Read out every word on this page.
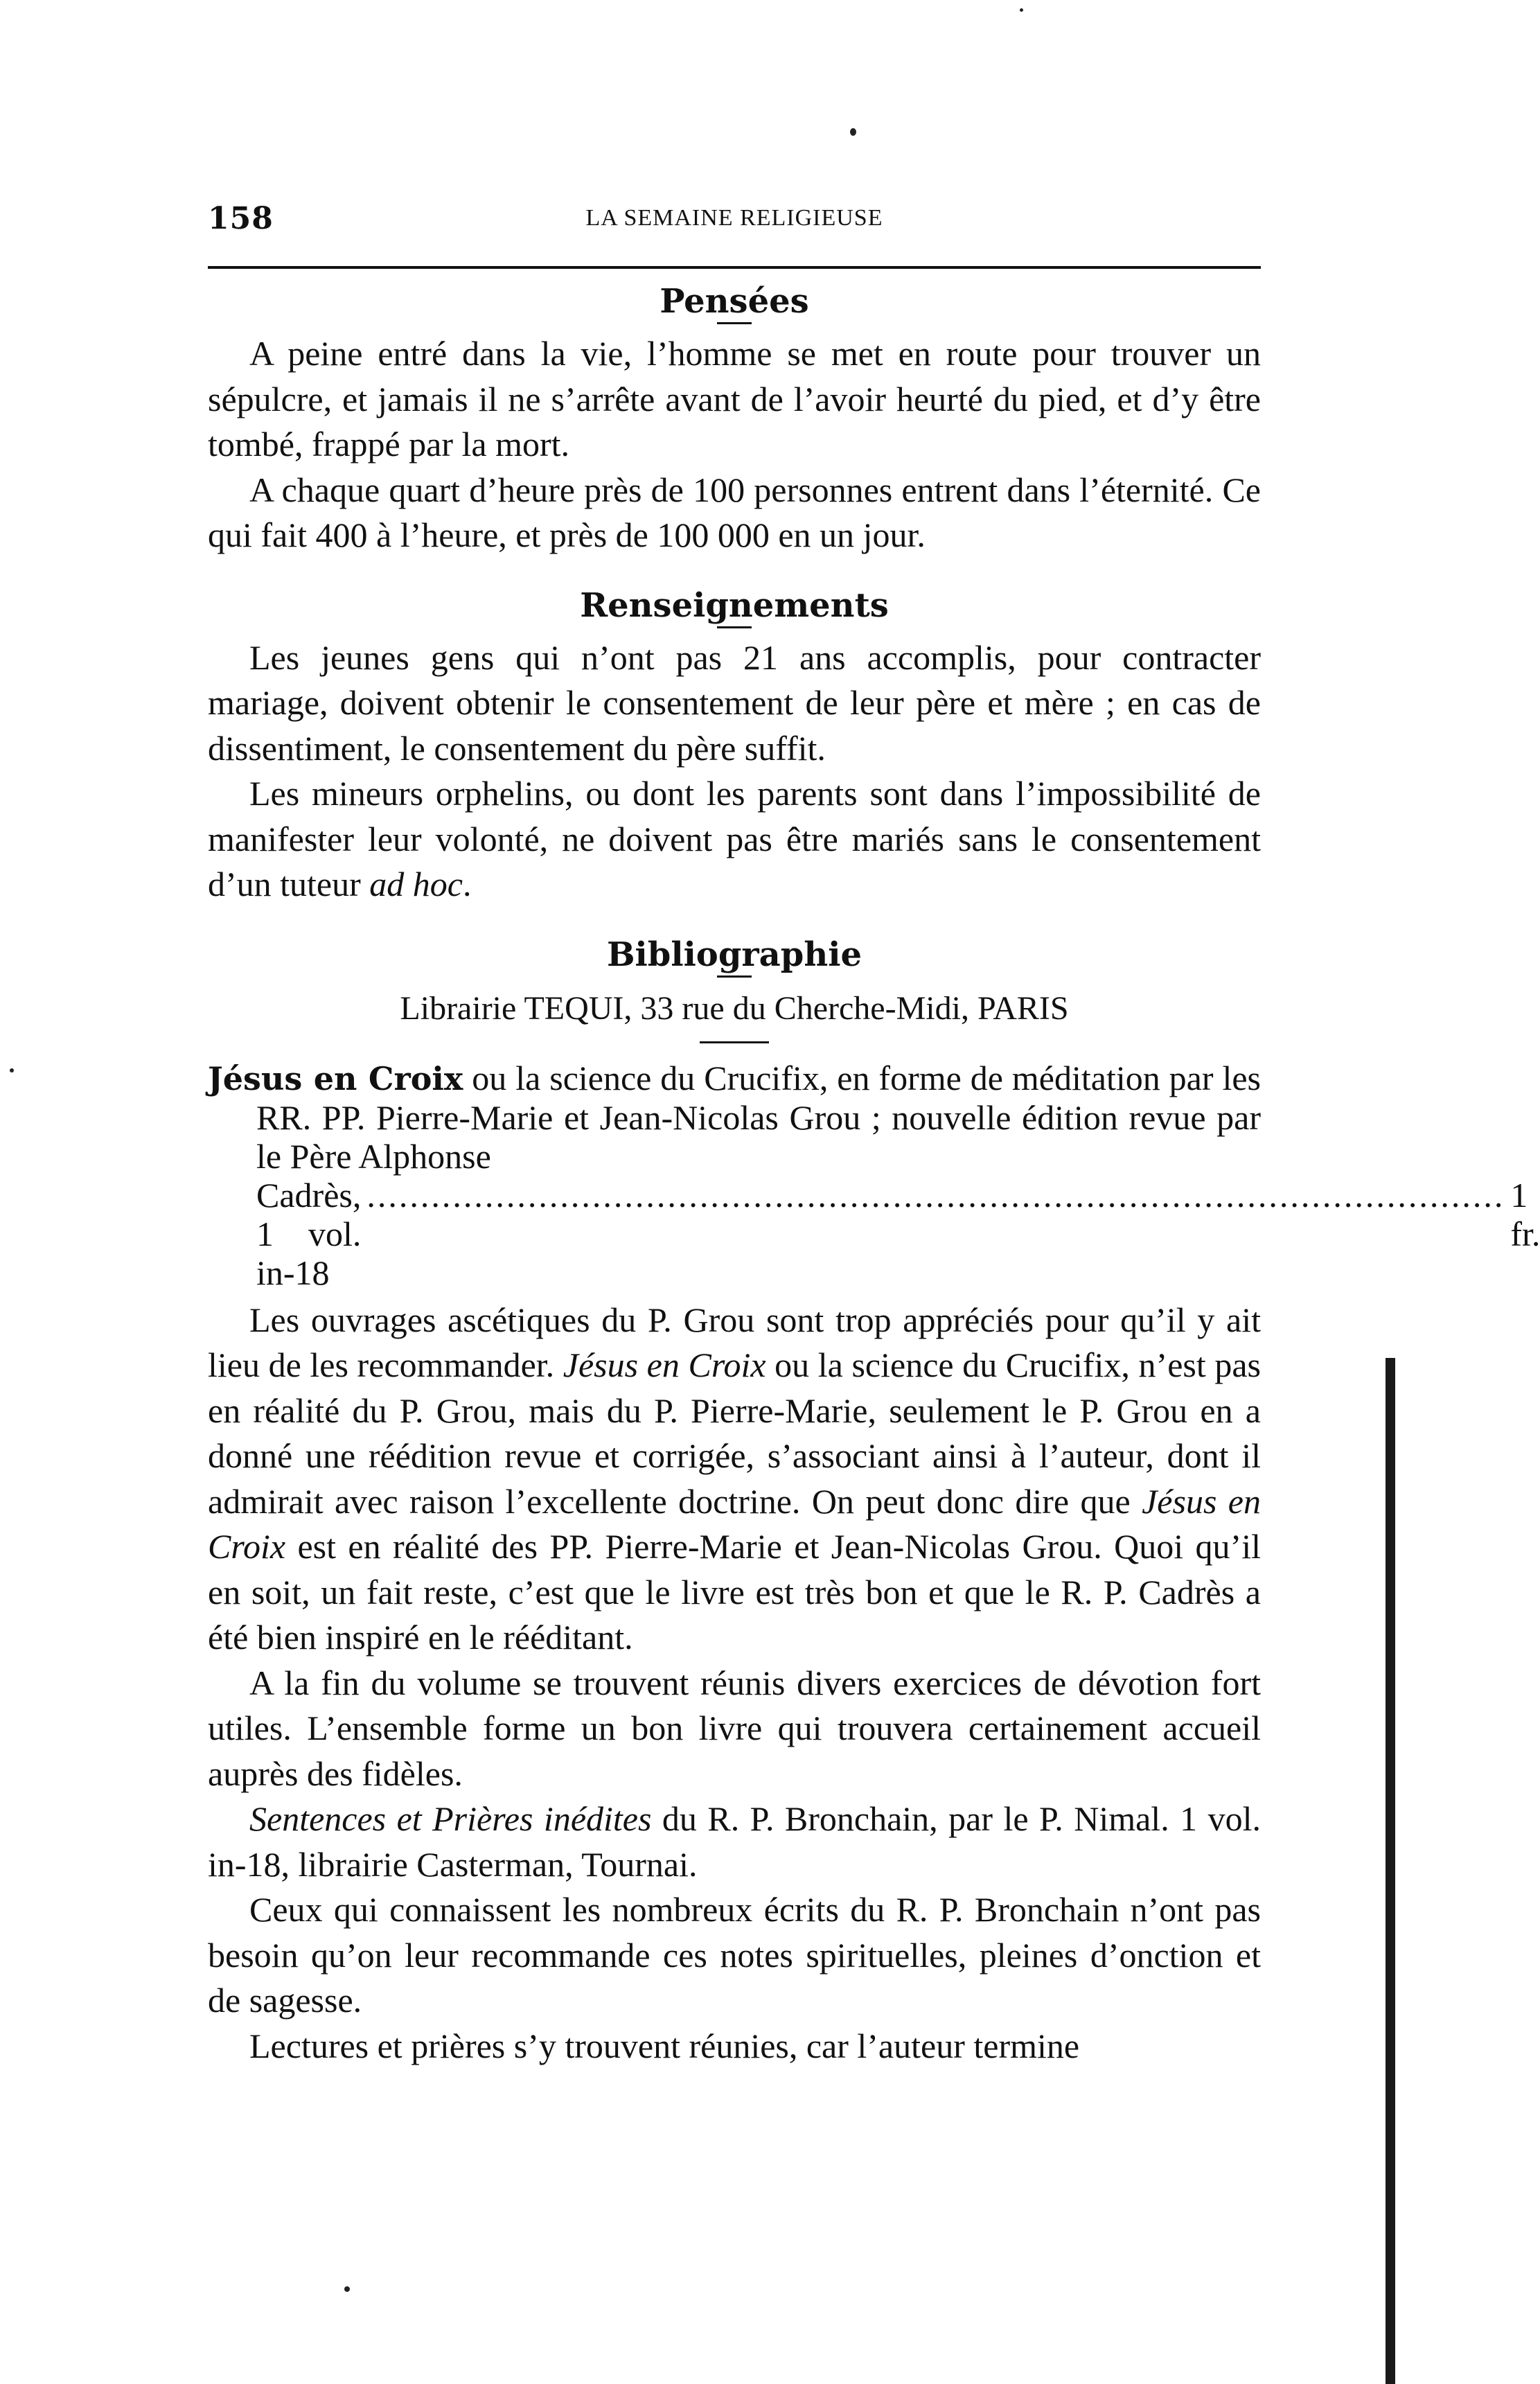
158	LA SEMAINE RELIGIEUSE
Pensées

A peine entré dans la vie, l’homme se met en route pour trouver un sépulcre, et jamais il ne s’arrête avant de l’avoir heurté du pied, et d’y être tombé, frappé par la mort.

A chaque quart d’heure près de 100 personnes entrent dans l’éternité. Ce qui fait 400 à l’heure, et près de 100 000 en un jour.

Renseignements

Les jeunes gens qui n’ont pas 21 ans accomplis, pour contracter mariage, doivent obtenir le consentement de leur père et mère ; en cas de dissentiment, le consentement du père suffit.

Les mineurs orphelins, ou dont les parents sont dans l’impossibilité de manifester leur volonté, ne doivent pas être mariés sans le consentement d’un tuteur ad hoc.

Bibliographie
Librairie TEQUI, 33 rue du Cherche-Midi, PARIS

Jésus en Croix ou la science du Crucifix, en forme de méditation par les RR. PP. Pierre-Marie et Jean-Nicolas Grou ; nouvelle édition revue par le Père Alphonse

Cadrès, 1 vol. in-18
.......................................................................................................... 1 fr.

Les ouvrages ascétiques du P. Grou sont trop appréciés pour qu’il y ait lieu de les recommander. Jésus en Croix ou la science du Crucifix, n’est pas en réalité du P. Grou, mais du P. Pierre-Marie, seulement le P. Grou en a donné une réédition revue et corrigée, s’associant ainsi à l’auteur, dont il admirait avec raison l’excellente doctrine. On peut donc dire que Jésus en Croix est en réalité des PP. Pierre-Marie et Jean-Nicolas Grou. Quoi qu’il en soit, un fait reste, c’est que le livre est très bon et que le R. P. Cadrès a été bien inspiré en le rééditant.

A la fin du volume se trouvent réunis divers exercices de dévotion fort utiles. L’ensemble forme un bon livre qui trouvera certainement accueil auprès des fidèles.

Sentences et Prières inédites du R. P. Bronchain, par le P. Nimal. 1 vol. in-18, librairie Casterman, Tournai.

Ceux qui connaissent les nombreux écrits du R. P. Bronchain n’ont pas besoin qu’on leur recommande ces notes spirituelles, pleines d’onction et de sagesse.

Lectures et prières s’y trouvent réunies, car l’auteur termine
